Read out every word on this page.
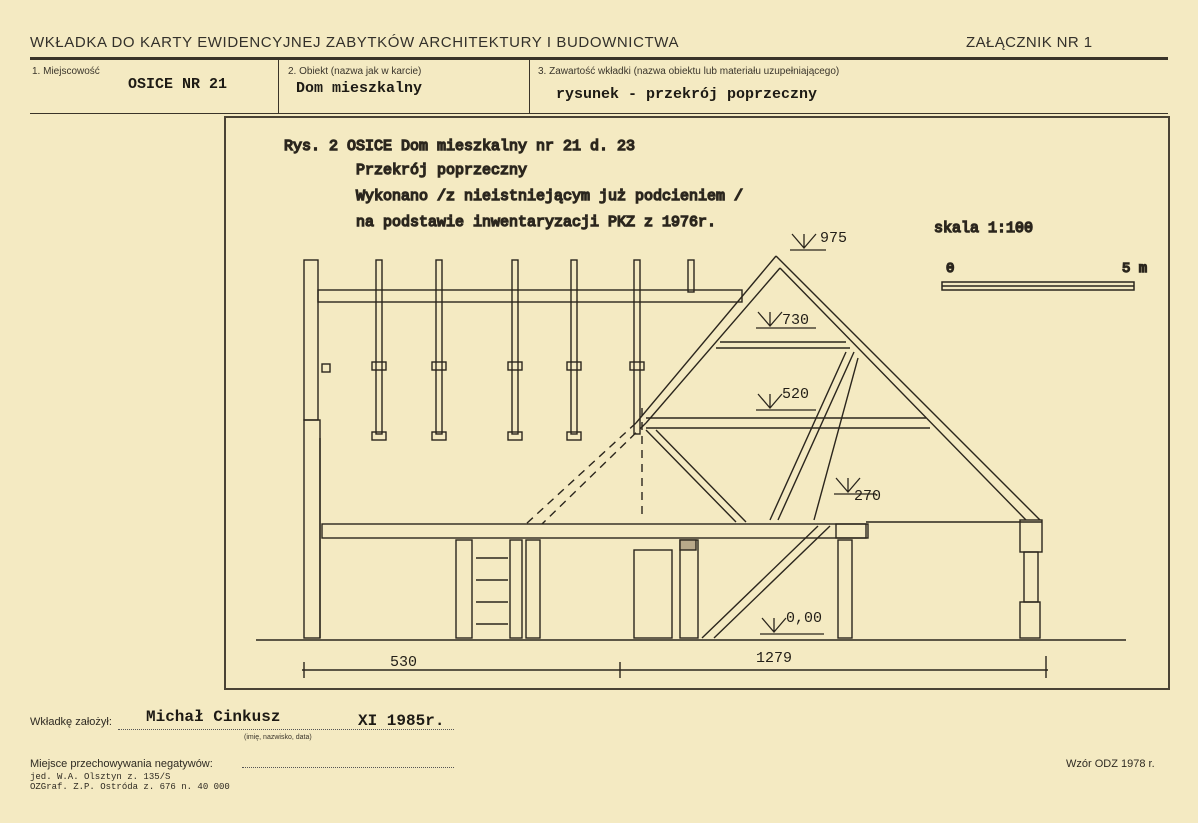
WKŁADKA DO KARTY EWIDENCYJNEJ ZABYTKÓW ARCHITEKTURY I BUDOWNICTWA	ZAŁĄCZNIK NR 1
1. Miejscowość
OSICE NR 21
2. Obiekt (nazwa jak w karcie)
Dom mieszkalny
3. Zawartość wkładki (nazwa obiektu lub materiału uzupełniającego)
rysunek - przekrój poprzeczny
Rys. 2 OSICE Dom mieszkalny nr 21 d. 23
Przekrój poprzeczny
Wykonano /z nieistniejącym już podcieniem /
na podstawie inwentaryzacji PKZ z 1976r.	skala 1:100
0	5 m
975
730
520
270
0,00
530	1279
Wkładkę założył: Michał Cinkusz	XI 1985r.
(imię, nazwisko, data)
Miejsce przechowywania negatywów:
jed. W.A. Olsztyn z. 135/S
OZGraf. Z.P. Ostróda z. 676 n. 40 000
Wzór ODZ 1978 r.
